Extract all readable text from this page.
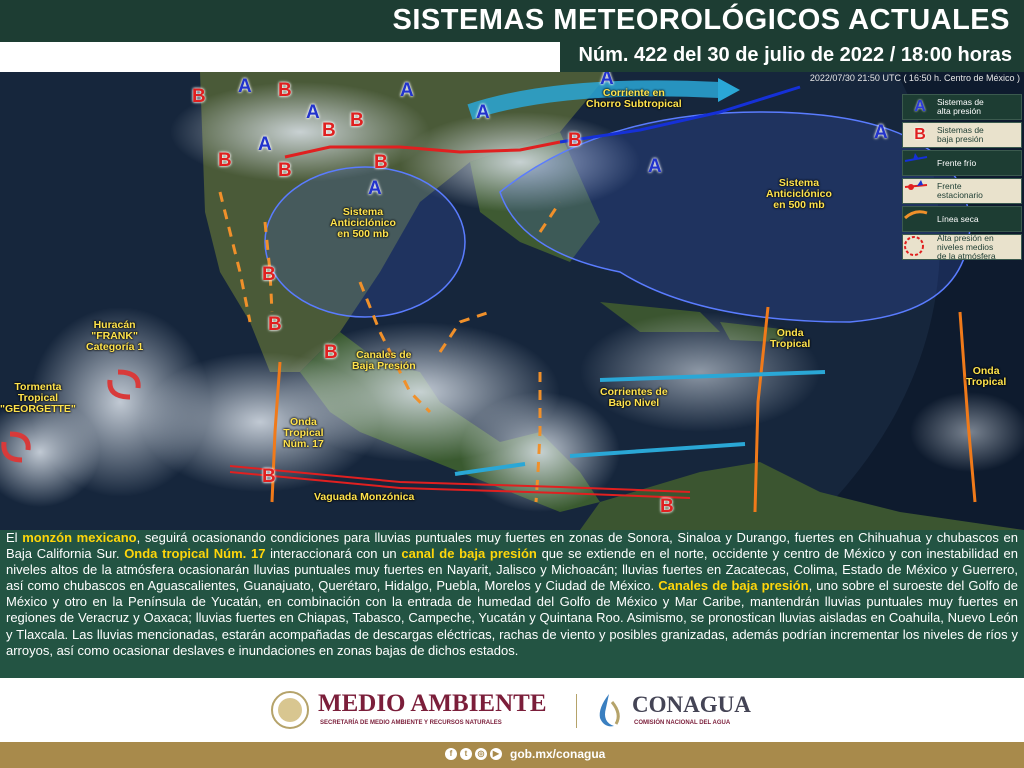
SISTEMAS METEOROLÓGICOS ACTUALES
Núm. 422 del 30 de julio de 2022 / 18:00 horas
2022/07/30 21:50 UTC ( 16:50 h. Centro de México )
B A B
A
B B
A
A
A
B B	B
A
B
A
A
A
B
B
B
B
B
Corriente en
Chorro Subtropical
Sistema
Anticiclónico
en 500 mb
Sistema
Anticiclónico
en 500 mb
Huracán
"FRANK"
Categoría 1
Tormenta
Tropical
"GEORGETTE"
Canales de
Baja Presión
Onda
Tropical
Núm. 17
Vaguada Monzónica
Corrientes de
Bajo Nivel
Onda
Tropical
Onda
Tropical
A Sistemas de
alta presión
B Sistemas de
baja presión
Frente frío
Frente
estacionario
Línea seca
Alta presión en
niveles medios
de la atmósfera
El monzón mexicano, seguirá ocasionando condiciones para lluvias puntuales muy fuertes en zonas de Sonora, Sinaloa y Durango, fuertes en Chihuahua y chubascos en Baja California Sur. Onda tropical Núm. 17 interaccionará con un canal de baja presión que se extiende en el norte, occidente y centro de México y con inestabilidad en niveles altos de la atmósfera ocasionarán lluvias puntuales muy fuertes en Nayarit, Jalisco y Michoacán; lluvias fuertes en Zacatecas, Colima, Estado de México y Guerrero, así como chubascos en Aguascalientes, Guanajuato, Querétaro, Hidalgo, Puebla, Morelos y Ciudad de México. Canales de baja presión, uno sobre el suroeste del Golfo de México y otro en la Península de Yucatán, en combinación con la entrada de humedad del Golfo de México y Mar Caribe, mantendrán lluvias puntuales muy fuertes en regiones de Veracruz y Oaxaca; lluvias fuertes en Chiapas, Tabasco, Campeche, Yucatán y Quintana Roo. Asimismo, se pronostican lluvias aisladas en Coahuila, Nuevo León y Tlaxcala. Las lluvias mencionadas, estarán acompañadas de descargas eléctricas, rachas de viento y posibles granizadas, además podrían incrementar los niveles de ríos y arroyos, así como ocasionar deslaves e inundaciones en zonas bajas de dichos estados.
MEDIO AMBIENTE
SECRETARÍA DE MEDIO AMBIENTE Y RECURSOS NATURALES
CONAGUA
COMISIÓN NACIONAL DEL AGUA
f	t	◎	▶ gob.mx/conagua
